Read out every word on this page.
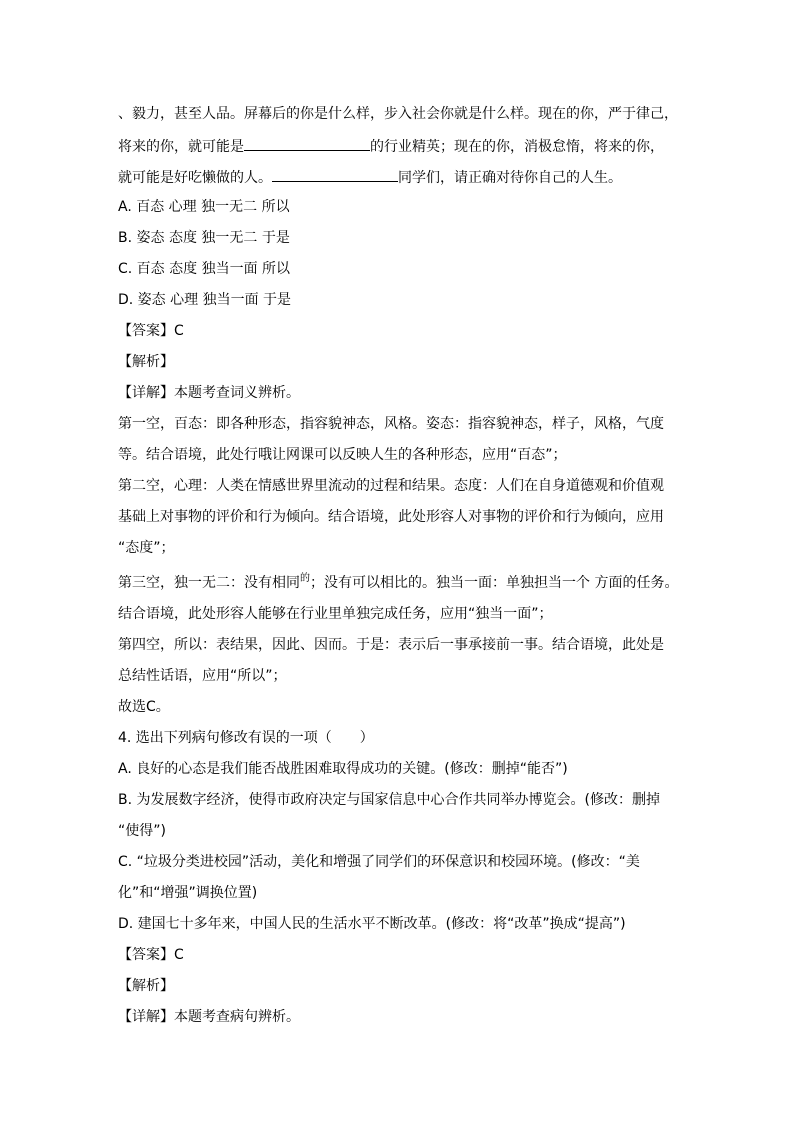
、毅力，甚至人品。屏幕后的你是什么样，步入社会你就是什么样。现在的你，严于律己，
将来的你，就可能是	的行业精英；现在的你，消极怠惰，将来的你，
就可能是好吃懒做的人。	同学们，请正确对待你自己的人生。
A. 百态 心理 独一无二 所以
B. 姿态 态度 独一无二 于是
C. 百态 态度 独当一面 所以
D. 姿态 心理 独当一面 于是
【答案】C
【解析】
【详解】本题考查词义辨析。
第一空，百态：即各种形态，指容貌神态，风格。姿态：指容貌神态，样子，风格，气度
等。结合语境，此处行哦让网课可以反映人生的各种形态，应用“百态”；
第二空，心理：人类在情感世界里流动的过程和结果。态度：人们在自身道德观和价值观
基础上对事物的评价和行为倾向。结合语境，此处形容人对事物的评价和行为倾向，应用
“态度”；
第三空，独一无二：没有相同$^的$；没有可以相比的。独当一面：单独担当一个 方面的任务。
结合语境，此处形容人能够在行业里单独完成任务，应用“独当一面”；
第四空，所以：表结果，因此、因而。于是：表示后一事承接前一事。结合语境，此处是
总结性话语，应用“所以”；
故选C。
4. 选出下列病句修改有误的一项（　　）
A. 良好的心态是我们能否战胜困难取得成功的关键。(修改：删掉“能否”)
B. 为发展数字经济，使得市政府决定与国家信息中心合作共同举办博览会。(修改：删掉
“使得”)
C. “垃圾分类进校园”活动，美化和增强了同学们的环保意识和校园环境。(修改：“美
化”和“增强”调换位置)
D. 建国七十多年来，中国人民的生活水平不断改革。(修改：将“改革”换成“提高”)
【答案】C
【解析】
【详解】本题考查病句辨析。
